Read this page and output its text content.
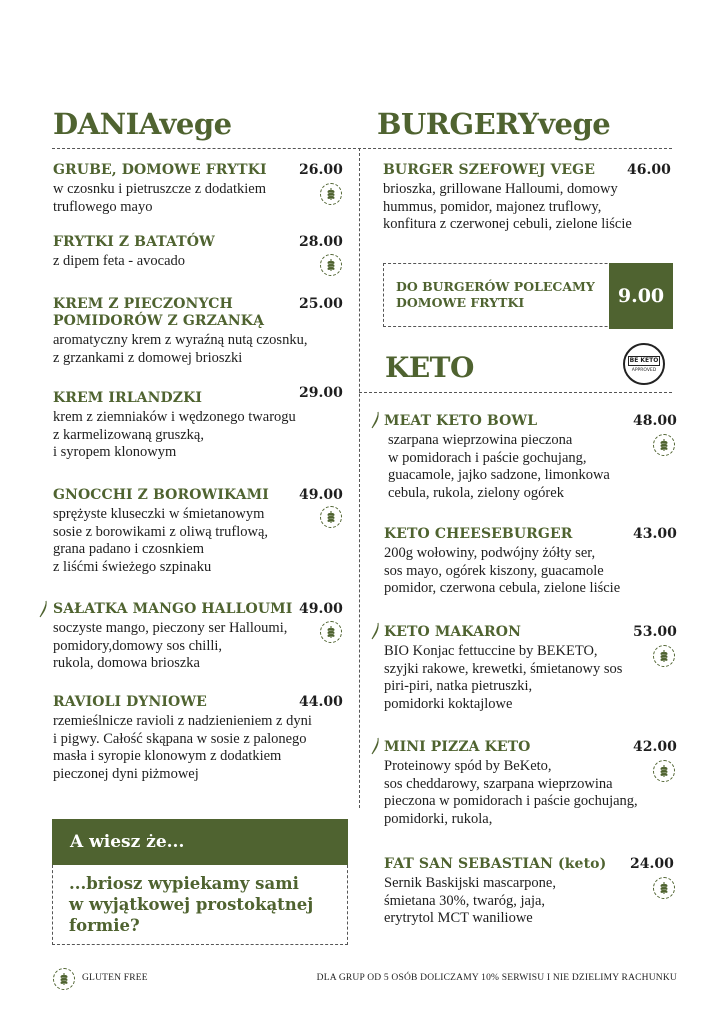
DANIAvege	BURGERYvege
GRUBE, DOMOWE FRYTKI
w czosnku i pietruszcze z dodatkiem
truflowego mayo
26.00
FRYTKI Z BATATÓW
z dipem feta - avocado
28.00
KREM Z PIECZONYCH
POMIDORÓW Z GRZANKĄ
aromatyczny krem z wyraźną nutą czosnku,
z grzankami z domowej brioszki
25.00
KREM IRLANDZKI
krem z ziemniaków i wędzonego twarogu
z karmelizowaną gruszką,
i syropem klonowym
29.00
GNOCCHI Z BOROWIKAMI
sprężyste kluseczki w śmietanowym
sosie z borowikami z oliwą truflową,
grana padano i czosnkiem
z liśćmi świeżego szpinaku
49.00
SAŁATKA MANGO HALLOUMI
soczyste mango, pieczony ser Halloumi,
pomidory,domowy sos chilli,
rukola, domowa brioszka
49.00
RAVIOLI DYNIOWE
rzemieślnicze ravioli z nadzienieniem z dyni
i pigwy. Całość skąpana w sosie z palonego
masła i syropie klonowym z dodatkiem
pieczonej dyni piżmowej
44.00
A wiesz że...
...briosz wypiekamy sami
w wyjątkowej prostokątnej
formie?
BURGER SZEFOWEJ VEGE
brioszka, grillowane Halloumi, domowy
hummus, pomidor, majonez truflowy,
konfitura z czerwonej cebuli, zielone liście
46.00
DO BURGERÓW POLECAMY
DOMOWE FRYTKI	9.00
KETO	BE KETO
APPROVED
MEAT KETO BOWL
szarpana wieprzowina pieczona
w pomidorach i paście gochujang,
guacamole, jajko sadzone, limonkowa
cebula, rukola, zielony ogórek
48.00
KETO CHEESEBURGER
200g wołowiny, podwójny żółty ser,
sos mayo, ogórek kiszony, guacamole
pomidor, czerwona cebula, zielone liście
43.00
KETO MAKARON
BIO Konjac fettuccine by BEKETO,
szyjki rakowe, krewetki, śmietanowy sos
piri-piri, natka pietruszki,
pomidorki koktajlowe
53.00
MINI PIZZA KETO
Proteinowy spód by BeKeto,
sos cheddarowy, szarpana wieprzowina
pieczona w pomidorach i paście gochujang,
pomidorki, rukola,
42.00
FAT SAN SEBASTIAN (keto)
Sernik Baskijski mascarpone,
śmietana 30%, twaróg, jaja,
erytrytol MCT waniliowe
24.00
GLUTEN FREE	DLA GRUP OD 5 OSÓB DOLICZAMY 10% SERWISU I NIE DZIELIMY RACHUNKU
